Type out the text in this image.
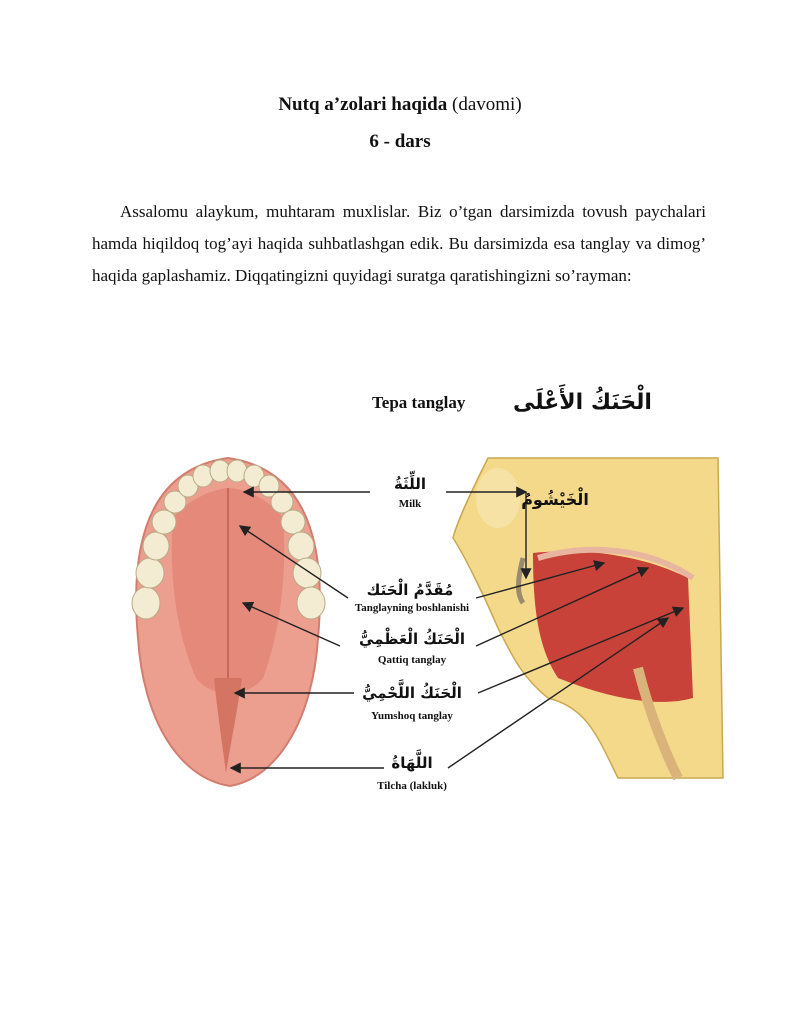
Nutq a’zolari haqida (davomi)
6 - dars
Assalomu alaykum, muhtaram muxlislar. Biz o’tgan darsimizda tovush paychalari hamda hiqildoq tog’ayi haqida suhbatlashgan edik. Bu darsimizda esa tanglay va dimog’ haqida gaplashamiz. Diqqatingizni quyidagi suratga qaratishingizni so’rayman:
Tepa tanglay الْحَنَكُ الأَعْلَى
الْخَيْشُومُ
اللِّثَةُ
Milk
مُقَدَّمُ الْحَنَك
Tanglayning boshlanishi
الْحَنَكُ الْعَظْمِيُّ
Qattiq tanglay
الْحَنَكُ اللَّحْمِيُّ
Yumshoq tanglay
اللَّهَاةُ
Tilcha (lakluk)
